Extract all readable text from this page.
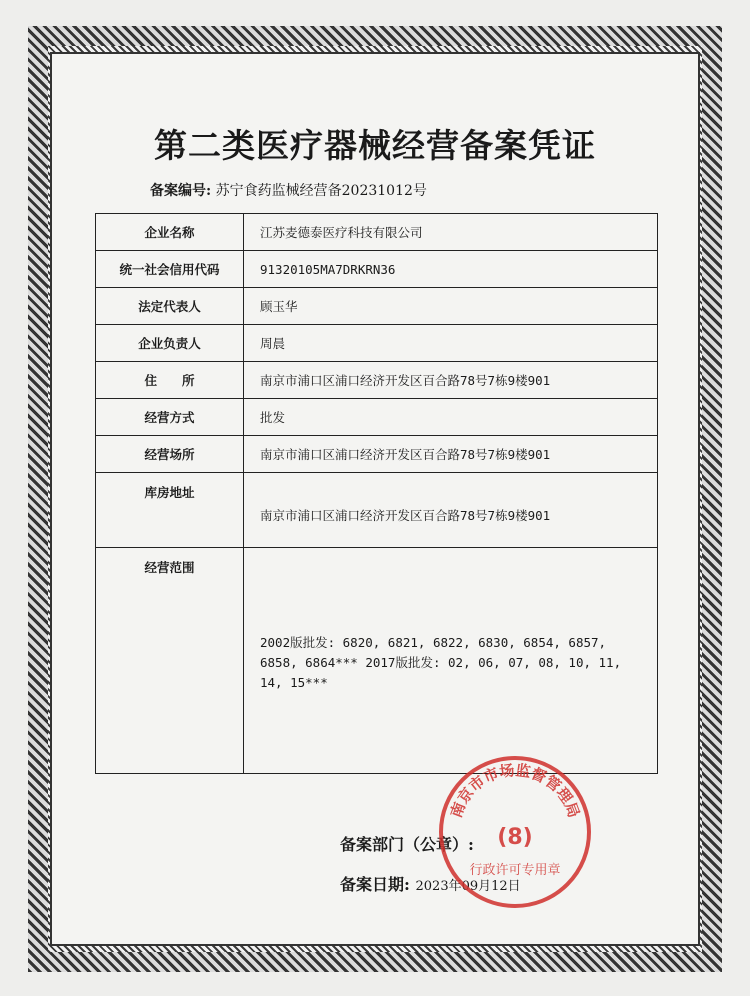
第二类医疗器械经营备案凭证
备案编号: 苏宁食药监械经营备20231012号
企业名称	江苏麦德泰医疗科技有限公司
统一社会信用代码	91320105MA7DRKRN36
法定代表人	顾玉华
企业负责人	周晨
住　　所	南京市浦口区浦口经济开发区百合路78号7栋9楼901
经营方式	批发
经营场所	南京市浦口区浦口经济开发区百合路78号7栋9楼901
库房地址	南京市浦口区浦口经济开发区百合路78号7栋9楼901
经营范围	2002版批发: 6820, 6821, 6822, 6830, 6854, 6857,
6858, 6864*** 2017版批发: 02, 06, 07, 08, 10, 11,
14, 15***
备案部门（公章）:
备案日期: 2023年09月12日
南京市市场监督管理局
(8)
行政许可专用章
